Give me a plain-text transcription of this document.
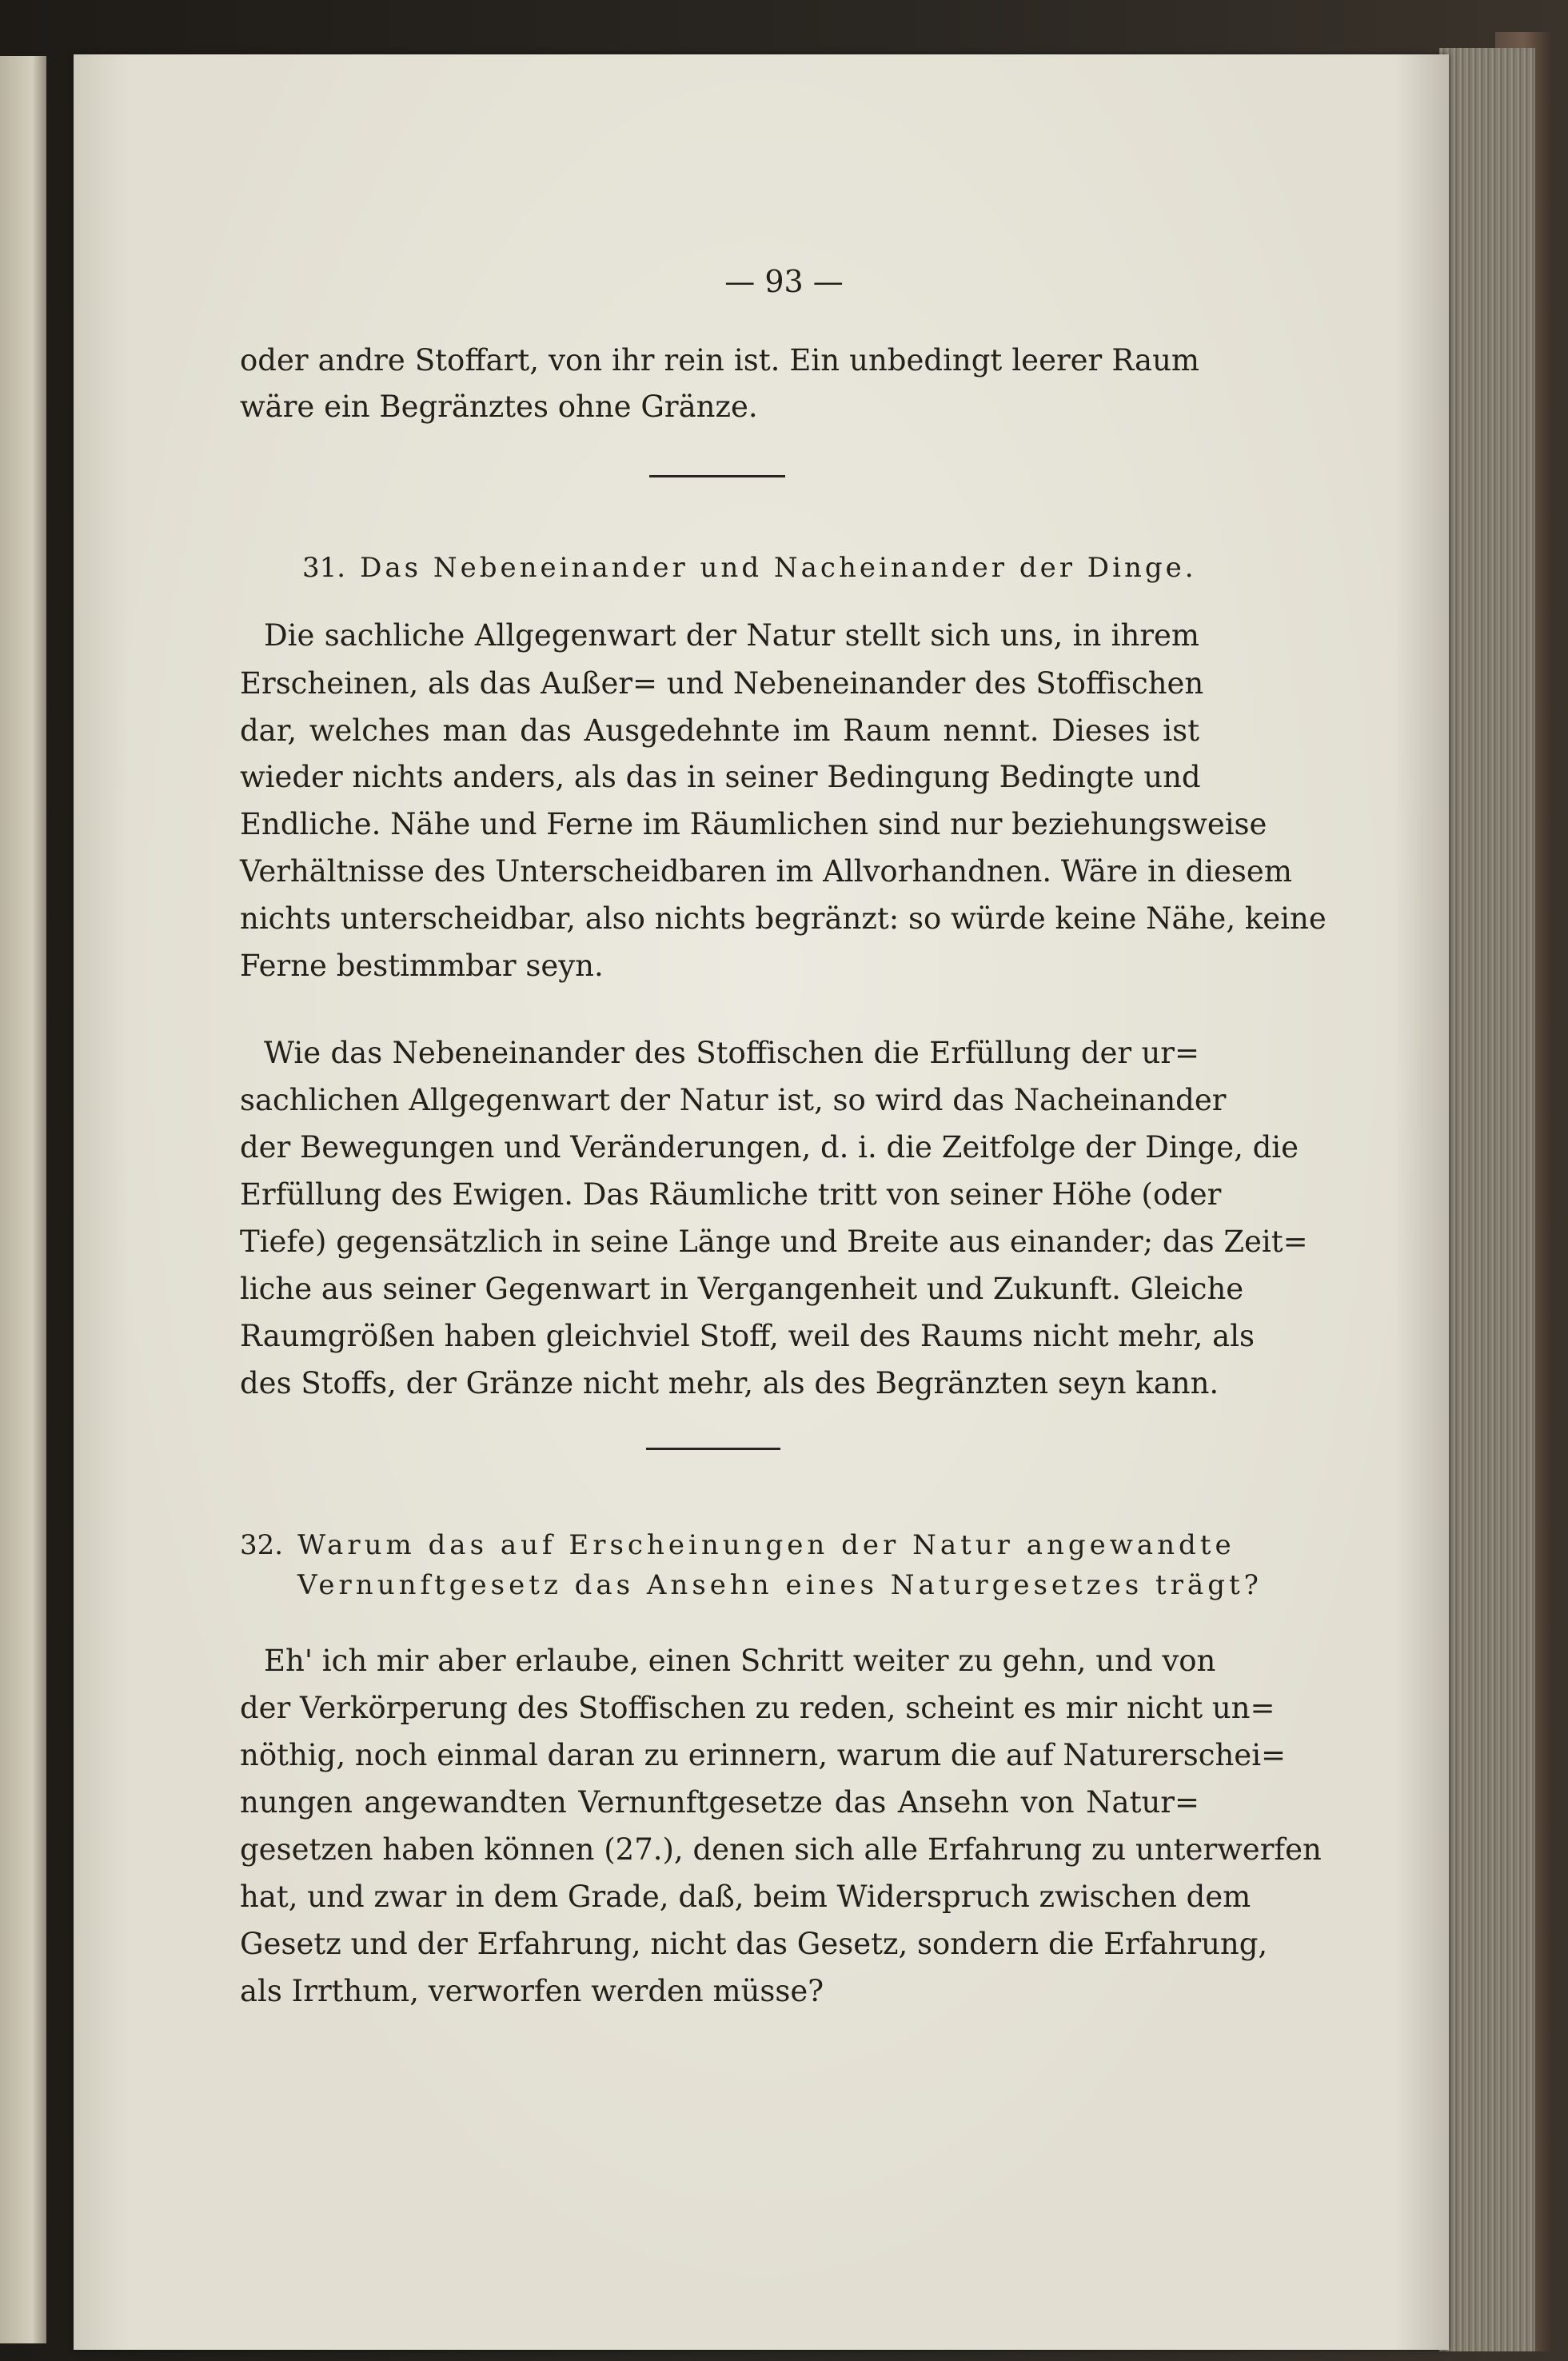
— 93 —
oder andre Stoffart, von ihr rein ist. Ein unbedingt leerer Raum
wäre ein Begränztes ohne Gränze.
31. Das Nebeneinander und Nacheinander der Dinge.
Die sachliche Allgegenwart der Natur stellt sich uns, in ihrem
Erscheinen, als das Außer= und Nebeneinander des Stoffischen
dar, welches man das Ausgedehnte im Raum nennt. Dieses ist
wieder nichts anders, als das in seiner Bedingung Bedingte und
Endliche. Nähe und Ferne im Räumlichen sind nur beziehungsweise
Verhältnisse des Unterscheidbaren im Allvorhandnen. Wäre in diesem
nichts unterscheidbar, also nichts begränzt: so würde keine Nähe, keine
Ferne bestimmbar seyn.
Wie das Nebeneinander des Stoffischen die Erfüllung der ur=
sachlichen Allgegenwart der Natur ist, so wird das Nacheinander
der Bewegungen und Veränderungen, d. i. die Zeitfolge der Dinge, die
Erfüllung des Ewigen. Das Räumliche tritt von seiner Höhe (oder
Tiefe) gegensätzlich in seine Länge und Breite aus einander; das Zeit=
liche aus seiner Gegenwart in Vergangenheit und Zukunft. Gleiche
Raumgrößen haben gleichviel Stoff, weil des Raums nicht mehr, als
des Stoffs, der Gränze nicht mehr, als des Begränzten seyn kann.
32. Warum das auf Erscheinungen der Natur angewandte
Vernunftgesetz das Ansehn eines Naturgesetzes trägt?
Eh' ich mir aber erlaube, einen Schritt weiter zu gehn, und von
der Verkörperung des Stoffischen zu reden, scheint es mir nicht un=
nöthig, noch einmal daran zu erinnern, warum die auf Naturerschei=
nungen angewandten Vernunftgesetze das Ansehn von Natur=
gesetzen haben können (27.), denen sich alle Erfahrung zu unterwerfen
hat, und zwar in dem Grade, daß, beim Widerspruch zwischen dem
Gesetz und der Erfahrung, nicht das Gesetz, sondern die Erfahrung,
als Irrthum, verworfen werden müsse?
